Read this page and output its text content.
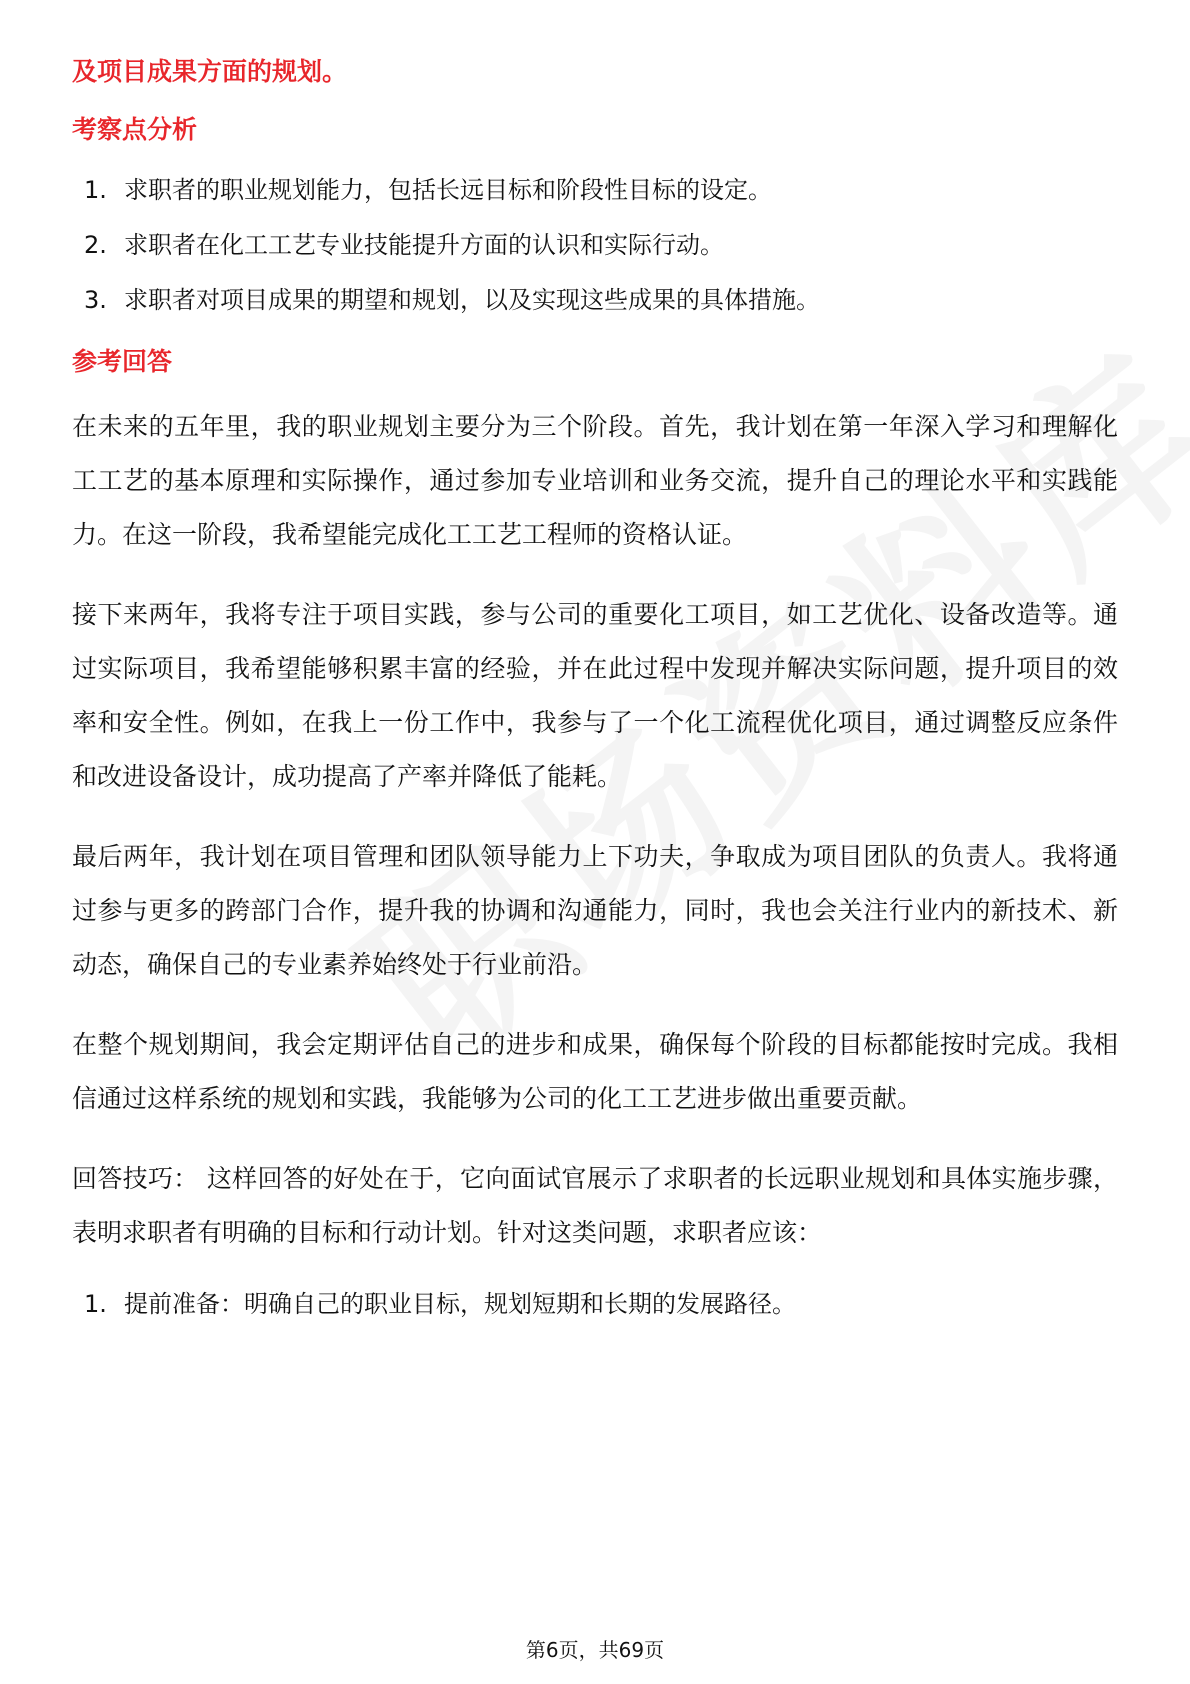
及项目成果方面的规划。

考察点分析

1. 求职者的职业规划能力，包括长远目标和阶段性目标的设定。
2. 求职者在化工工艺专业技能提升方面的认识和实际行动。
3. 求职者对项目成果的期望和规划，以及实现这些成果的具体措施。

参考回答

在未来的五年里，我的职业规划主要分为三个阶段。首先，我计划在第一年深入学习和理解化工工艺的基本原理和实际操作，通过参加专业培训和业务交流，提升自己的理论水平和实践能力。在这一阶段，我希望能完成化工工艺工程师的资格认证。

接下来两年，我将专注于项目实践，参与公司的重要化工项目，如工艺优化、设备改造等。通过实际项目，我希望能够积累丰富的经验，并在此过程中发现并解决实际问题，提升项目的效率和安全性。例如，在我上一份工作中，我参与了一个化工流程优化项目，通过调整反应条件和改进设备设计，成功提高了产率并降低了能耗。

最后两年，我计划在项目管理和团队领导能力上下功夫，争取成为项目团队的负责人。我将通过参与更多的跨部门合作，提升我的协调和沟通能力，同时，我也会关注行业内的新技术、新动态，确保自己的专业素养始终处于行业前沿。

在整个规划期间，我会定期评估自己的进步和成果，确保每个阶段的目标都能按时完成。我相信通过这样系统的规划和实践，我能够为公司的化工工艺进步做出重要贡献。

回答技巧： 这样回答的好处在于，它向面试官展示了求职者的长远职业规划和具体实施步骤，表明求职者有明确的目标和行动计划。针对这类问题，求职者应该：

1. 提前准备：明确自己的职业目标，规划短期和长期的发展路径。
第6页，共69页
